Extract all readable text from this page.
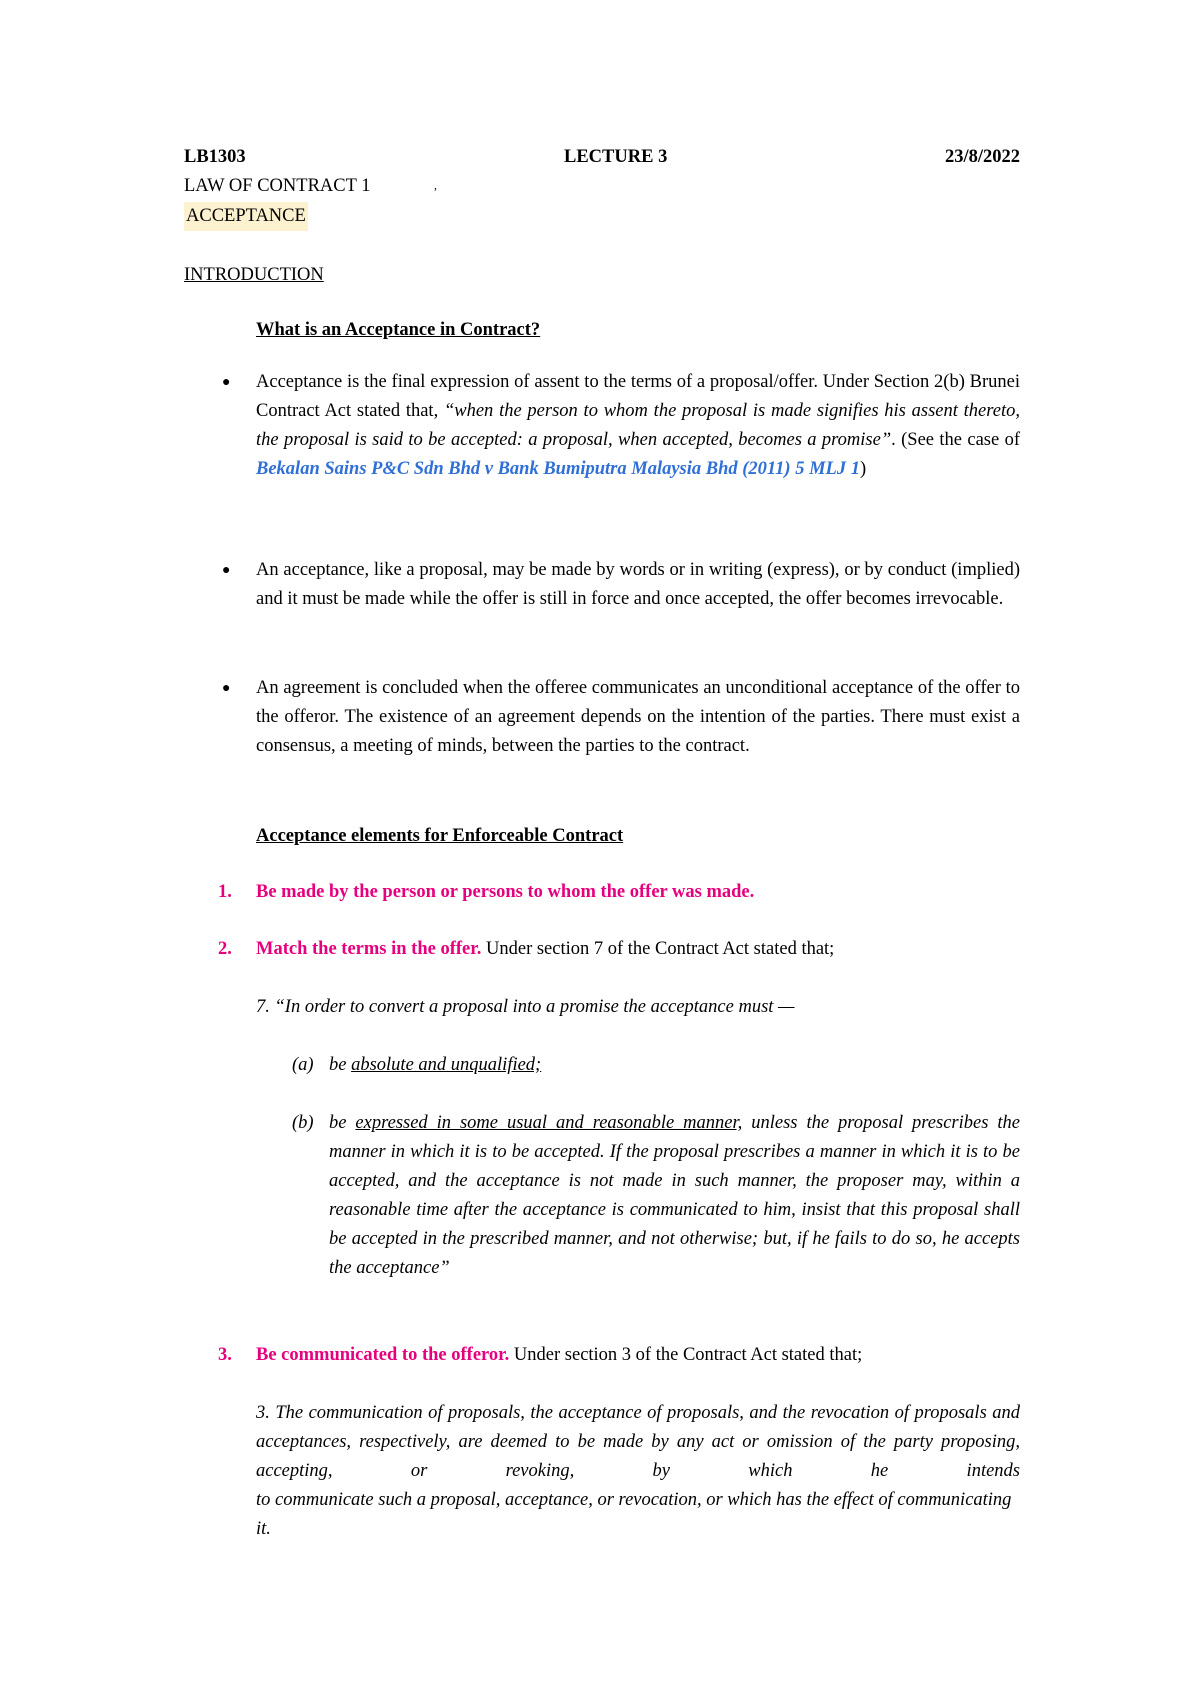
LB1303	LECTURE 3	23/8/2022
LAW OF CONTRACT 1	,
ACCEPTANCE
INTRODUCTION
What is an Acceptance in Contract?
● Acceptance is the final expression of assent to the terms of a proposal/offer. Under Section 2(b) Brunei Contract Act stated that, “when the person to whom the proposal is made signifies his assent thereto, the proposal is said to be accepted: a proposal, when accepted, becomes a promise”. (See the case of Bekalan Sains P&C Sdn Bhd v Bank Bumiputra Malaysia Bhd (2011) 5 MLJ 1)
● An acceptance, like a proposal, may be made by words or in writing (express), or by conduct (implied) and it must be made while the offer is still in force and once accepted, the offer becomes irrevocable.
● An agreement is concluded when the offeree communicates an unconditional acceptance of the offer to the offeror. The existence of an agreement depends on the intention of the parties. There must exist a consensus, a meeting of minds, between the parties to the contract.
Acceptance elements for Enforceable Contract
1. Be made by the person or persons to whom the offer was made.
2. Match the terms in the offer. Under section 7 of the Contract Act stated that;
7. “In order to convert a proposal into a promise the acceptance must —
(a) be absolute and unqualified;
(b) be expressed in some usual and reasonable manner, unless the proposal prescribes the manner in which it is to be accepted. If the proposal prescribes a manner in which it is to be accepted, and the acceptance is not made in such manner, the proposer may, within a reasonable time after the acceptance is communicated to him, insist that this proposal shall be accepted in the prescribed manner, and not otherwise; but, if he fails to do so, he accepts the acceptance”
3. Be communicated to the offeror. Under section 3 of the Contract Act stated that;
3. The communication of proposals, the acceptance of proposals, and the revocation of proposals and acceptances, respectively, are deemed to be made by any act or omission of the party proposing, accepting, or revoking, by which he intends
to communicate such a proposal, acceptance, or revocation, or which has the effect of communicating it.
